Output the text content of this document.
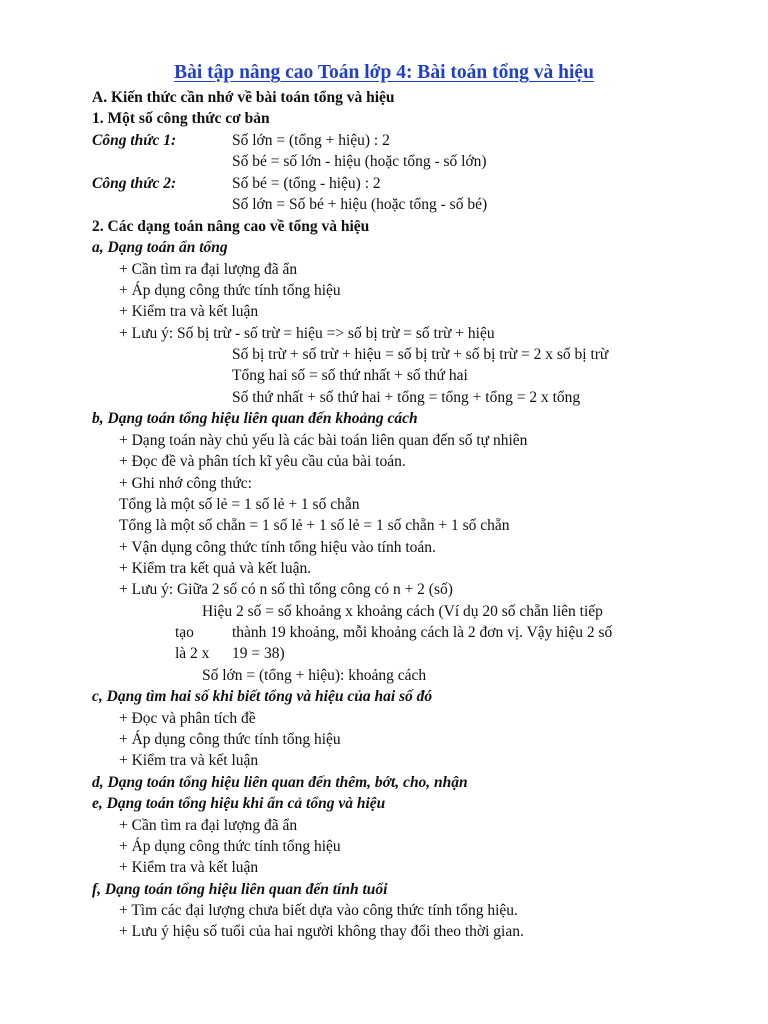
Bài tập nâng cao Toán lớp 4: Bài toán tổng và hiệu
A. Kiến thức cần nhớ về bài toán tổng và hiệu
1. Một số công thức cơ bản
Công thức 1:	Số lớn = (tổng + hiệu) : 2
Số bé = số lớn - hiệu (hoặc tổng - số lớn)
Công thức 2:	Số bé = (tổng - hiệu) : 2
Số lớn = Số bé + hiệu (hoặc tổng - số bé)
2. Các dạng toán nâng cao về tổng và hiệu
a, Dạng toán ẩn tổng
+ Cần tìm ra đại lượng đã ẩn
+ Áp dụng công thức tính tổng hiệu
+ Kiểm tra và kết luận
+ Lưu ý: Số bị trừ - số trừ = hiệu => số bị trừ = số trừ + hiệu
Số bị trừ + số trừ + hiệu = số bị trừ + số bị trừ = 2 x số bị trừ
Tổng hai số = số thứ nhất + số thứ hai
Số thứ nhất + số thứ hai + tổng = tổng + tổng = 2 x tổng
b, Dạng toán tổng hiệu liên quan đến khoảng cách
+ Dạng toán này chủ yếu là các bài toán liên quan đến số tự nhiên
+ Đọc đề và phân tích kĩ yêu cầu của bài toán.
+ Ghi nhớ công thức:
Tổng là một số lẻ = 1 số lẻ + 1 số chẵn
Tổng là một số chẵn = 1 số lẻ + 1 số lẻ = 1 số chẵn + 1 số chẵn
+ Vận dụng công thức tính tổng hiệu vào tính toán.
+ Kiểm tra kết quả và kết luận.
+ Lưu ý: Giữa 2 số có n số thì tổng công có n + 2 (số)
Hiệu 2 số = số khoảng x khoảng cách (Ví dụ 20 số chẵn liên tiếp
tạo thành 19 khoảng, mỗi khoảng cách là 2 đơn vị. Vậy hiệu 2 số
là 2 x 19 = 38)
Số lớn = (tổng + hiệu): khoảng cách
c, Dạng tìm hai số khi biết tổng và hiệu của hai số đó
+ Đọc và phân tích đề
+ Áp dụng công thức tính tổng hiệu
+ Kiểm tra và kết luận
d, Dạng toán tổng hiệu liên quan đến thêm, bớt, cho, nhận
e, Dạng toán tổng hiệu khi ẩn cả tổng và hiệu
+ Cần tìm ra đại lượng đã ẩn
+ Áp dụng công thức tính tổng hiệu
+ Kiểm tra và kết luận
f, Dạng toán tổng hiệu liên quan đến tính tuổi
+ Tìm các đại lượng chưa biết dựa vào công thức tính tổng hiệu.
+ Lưu ý hiệu số tuổi của hai người không thay đổi theo thời gian.
